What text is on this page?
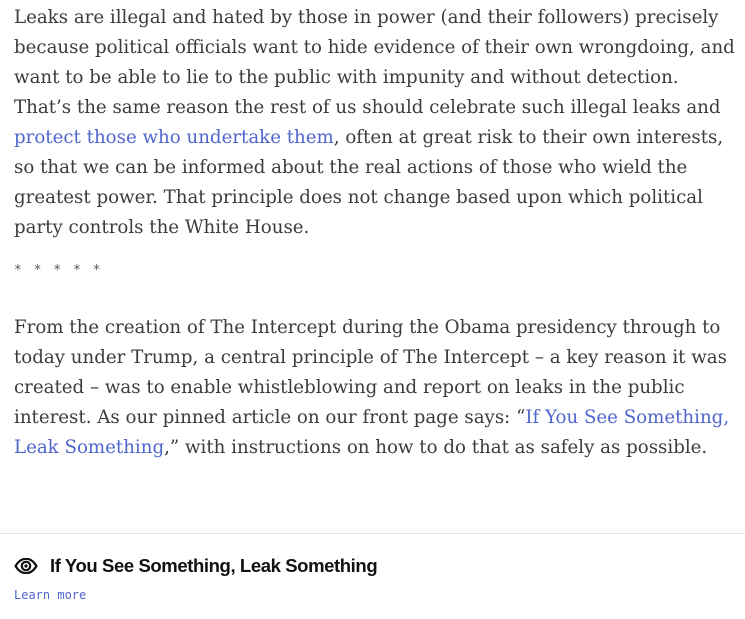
Leaks are illegal and hated by those in power (and their followers) precisely because political officials want to hide evidence of their own wrongdoing, and want to be able to lie to the public with impunity and without detection. That’s the same reason the rest of us should celebrate such illegal leaks and protect those who undertake them, often at great risk to their own interests, so that we can be informed about the real actions of those who wield the greatest power. That principle does not change based upon which political party controls the White House.

* * * * *

From the creation of The Intercept during the Obama presidency through to today under Trump, a central principle of The Intercept – a key reason it was created – was to enable whistleblowing and report on leaks in the public interest. As our pinned article on our front page says: “If You See Something, Leak Something,” with instructions on how to do that as safely as possible.

If You See Something, Leak Something
Learn more
